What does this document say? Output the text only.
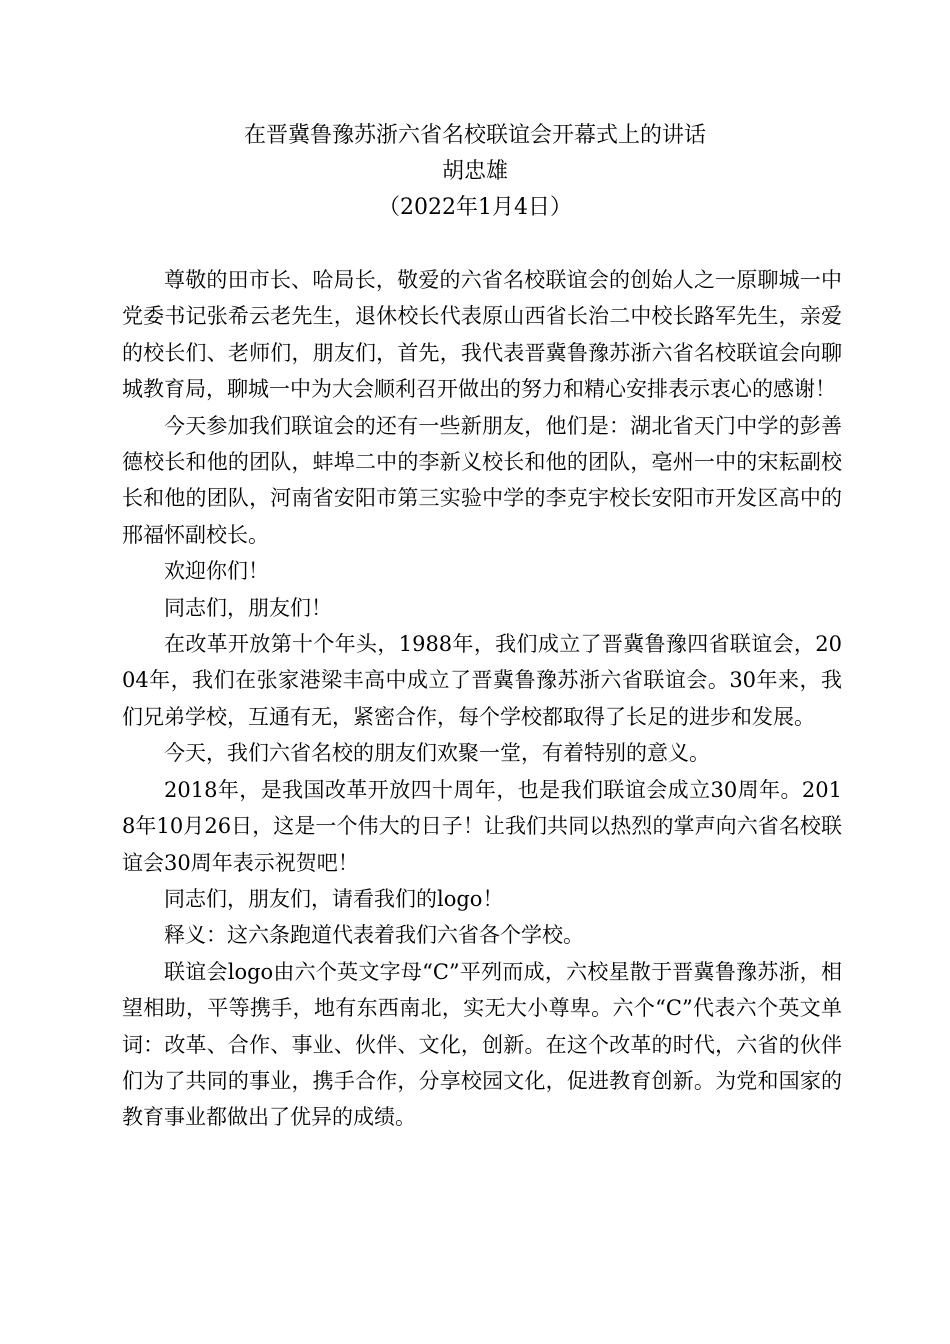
在晋冀鲁豫苏浙六省名校联谊会开幕式上的讲话
胡忠雄
（2022年1月4日）

尊敬的田市长、哈局长，敬爱的六省名校联谊会的创始人之一原聊城一中党委书记张希云老先生，退休校长代表原山西省长治二中校长路军先生，亲爱的校长们、老师们，朋友们，首先，我代表晋冀鲁豫苏浙六省名校联谊会向聊城教育局，聊城一中为大会顺利召开做出的努力和精心安排表示衷心的感谢！

今天参加我们联谊会的还有一些新朋友，他们是：湖北省天门中学的彭善德校长和他的团队，蚌埠二中的李新义校长和他的团队，亳州一中的宋耘副校长和他的团队，河南省安阳市第三实验中学的李克宇校长安阳市开发区高中的邢福怀副校长。

欢迎你们！

同志们，朋友们！

在改革开放第十个年头，1988年，我们成立了晋冀鲁豫四省联谊会，2004年，我们在张家港梁丰高中成立了晋冀鲁豫苏浙六省联谊会。30年来，我们兄弟学校，互通有无，紧密合作，每个学校都取得了长足的进步和发展。

今天，我们六省名校的朋友们欢聚一堂，有着特别的意义。

2018年，是我国改革开放四十周年，也是我们联谊会成立30周年。2018年10月26日，这是一个伟大的日子！让我们共同以热烈的掌声向六省名校联谊会30周年表示祝贺吧！

同志们，朋友们，请看我们的logo！

释义：这六条跑道代表着我们六省各个学校。

联谊会logo由六个英文字母“C”平列而成，六校星散于晋冀鲁豫苏浙，相望相助，平等携手，地有东西南北，实无大小尊卑。六个“C”代表六个英文单词：改革、合作、事业、伙伴、文化，创新。在这个改革的时代，六省的伙伴们为了共同的事业，携手合作，分享校园文化，促进教育创新。为党和国家的教育事业都做出了优异的成绩。
